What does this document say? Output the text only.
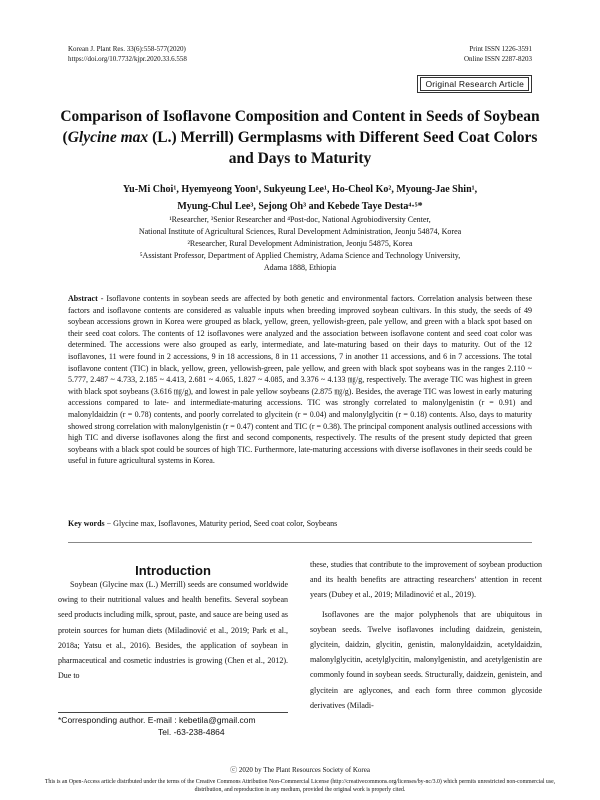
Korean J. Plant Res. 33(6):558-577(2020)
https://doi.org/10.7732/kjpr.2020.33.6.558
Print ISSN 1226-3591
Online ISSN 2287-8203
Original Research Article
Comparison of Isoflavone Composition and Content in Seeds of Soybean
(Glycine max (L.) Merrill) Germplasms with Different Seed Coat Colors
and Days to Maturity
Yu-Mi Choi¹, Hyemyeong Yoon¹, Sukyeung Lee¹, Ho-Cheol Ko², Myoung-Jae Shin¹,
Myung-Chul Lee³, Sejong Oh³ and Kebede Taye Desta⁴·⁵*
¹Researcher, ³Senior Researcher and ⁴Post-doc, National Agrobiodiversity Center,
National Institute of Agricultural Sciences, Rural Development Administration, Jeonju 54874, Korea
²Researcher, Rural Development Administration, Jeonju 54875, Korea
⁵Assistant Professor, Department of Applied Chemistry, Adama Science and Technology University,
Adama 1888, Ethiopia
Abstract - Isoflavone contents in soybean seeds are affected by both genetic and environmental factors. Correlation analysis between these factors and isoflavone contents are considered as valuable inputs when breeding improved soybean cultivars. In this study, the seeds of 49 soybean accessions grown in Korea were grouped as black, yellow, green, yellowish-green, pale yellow, and green with a black spot based on their seed coat colors. The contents of 12 isoflavones were analyzed and the association between isoflavone content and seed coat color was determined. The accessions were also grouped as early, intermediate, and late-maturing based on their days to maturity. Out of the 12 isoflavones, 11 were found in 2 accessions, 9 in 18 accessions, 8 in 11 accessions, 7 in another 11 accessions, and 6 in 7 accessions. The total isoflavone content (TIC) in black, yellow, green, yellowish-green, pale yellow, and green with black spot soybeans was in the ranges 2.110 ~ 5.777, 2.487 ~ 4.733, 2.185 ~ 4.413, 2.681 ~ 4.065, 1.827 ~ 4.085, and 3.376 ~ 4.133 ㎎/g, respectively. The average TIC was highest in green with black spot soybeans (3.616 ㎎/g), and lowest in pale yellow soybeans (2.875 ㎎/g). Besides, the average TIC was lowest in early maturing accessions compared to late- and intermediate-maturing accessions. TIC was strongly correlated to malonylgenistin (r = 0.91) and malonyldaidzin (r = 0.78) contents, and poorly correlated to glycitein (r = 0.04) and malonylglycitin (r = 0.18) contents. Also, days to maturity showed strong correlation with malonylgenistin (r = 0.47) content and TIC (r = 0.38). The principal component analysis outlined accessions with high TIC and diverse isoflavones along the first and second components, respectively. The results of the present study depicted that green soybeans with a black spot could be sources of high TIC. Furthermore, late-maturing accessions with diverse isoflavones in their seeds could be useful in future agricultural systems in Korea.
Key words − Glycine max, Isoflavones, Maturity period, Seed coat color, Soybeans
Introduction

Soybean (Glycine max (L.) Merrill) seeds are consumed worldwide owing to their nutritional values and health benefits. Several soybean seed products including milk, sprout, paste, and sauce are being used as protein sources for human diets (Miladinović et al., 2019; Park et al., 2018a; Yatsu et al., 2016). Besides, the application of soybean in pharmaceutical and cosmetic industries is growing (Chen et al., 2012). Due to

these, studies that contribute to the improvement of soybean production and its health benefits are attracting researchers’ attention in recent years (Dubey et al., 2019; Miladinović et al., 2019).

Isoflavones are the major polyphenols that are ubiquitous in soybean seeds. Twelve isoflavones including daidzein, genistein, glycitein, daidzin, glycitin, genistin, malonyldaidzin, acetyldaidzin, malonylglycitin, acetylglycitin, malonylgenistin, and acetylgenistin are commonly found in soybean seeds. Structurally, daidzein, genistein, and glycitein are aglycones, and each form three common glycoside derivatives (Miladi-

*Corresponding author. E-mail : kebetila@gmail.com
Tel. -63-238-4864
ⓒ 2020 by The Plant Resources Society of Korea
This is an Open-Access article distributed under the terms of the Creative Commons Attribution Non-Commercial License (http://creativecommons.org/licenses/by-nc/3.0) which permits unrestricted non-commercial use, distribution, and reproduction in any medium, provided the original work is properly cited.
